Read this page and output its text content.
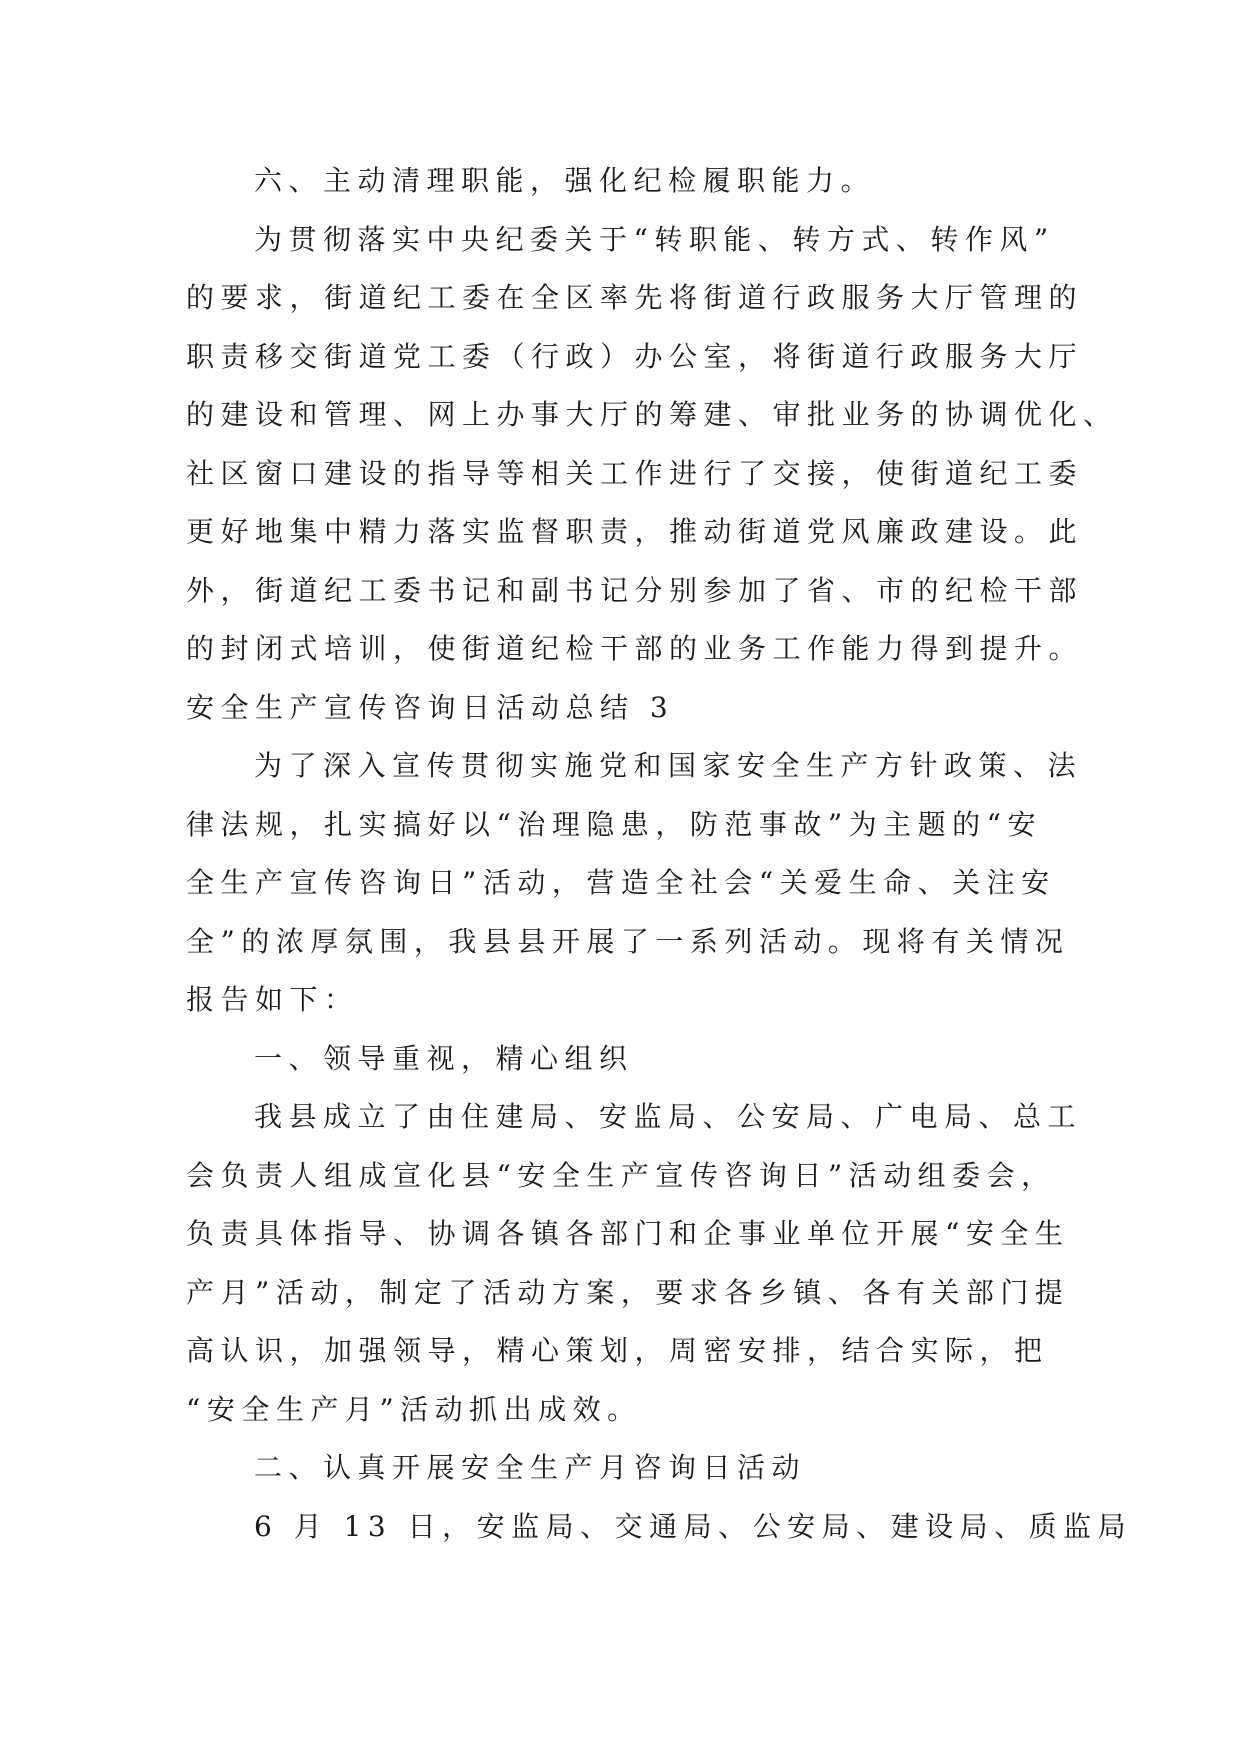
六、主动清理职能，强化纪检履职能力。
为贯彻落实中央纪委关于“转职能、转方式、转作风”
的要求，街道纪工委在全区率先将街道行政服务大厅管理的
职责移交街道党工委（行政）办公室，将街道行政服务大厅
的建设和管理、网上办事大厅的筹建、审批业务的协调优化、
社区窗口建设的指导等相关工作进行了交接，使街道纪工委
更好地集中精力落实监督职责，推动街道党风廉政建设。此
外，街道纪工委书记和副书记分别参加了省、市的纪检干部
的封闭式培训，使街道纪检干部的业务工作能力得到提升。
安全生产宣传咨询日活动总结 3
为了深入宣传贯彻实施党和国家安全生产方针政策、法
律法规，扎实搞好以“治理隐患，防范事故”为主题的“安
全生产宣传咨询日”活动，营造全社会“关爱生命、关注安
全”的浓厚氛围，我县县开展了一系列活动。现将有关情况
报告如下：
一、领导重视，精心组织
我县成立了由住建局、安监局、公安局、广电局、总工
会负责人组成宣化县“安全生产宣传咨询日”活动组委会，
负责具体指导、协调各镇各部门和企事业单位开展“安全生
产月”活动，制定了活动方案，要求各乡镇、各有关部门提
高认识，加强领导，精心策划，周密安排，结合实际，把
“安全生产月”活动抓出成效。
二、认真开展安全生产月咨询日活动
6 月 13 日，安监局、交通局、公安局、建设局、质监局
